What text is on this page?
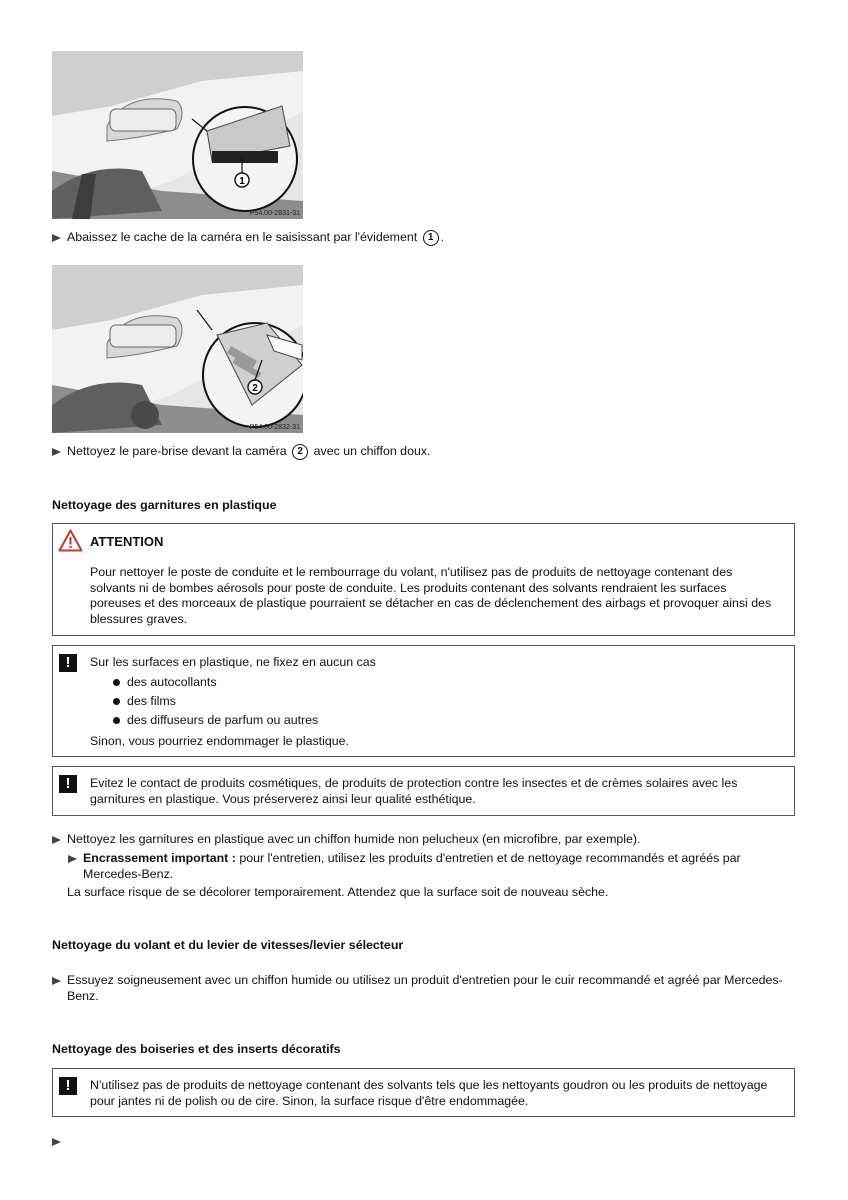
1
P54.00-2831-31
Abaissez le cache de la caméra en le saisissant par l'évidement 1 .
2
P54.00-2832-31
Nettoyez le pare-brise devant la caméra 2 avec un chiffon doux.
Nettoyage des garnitures en plastique
ATTENTION
Pour nettoyer le poste de conduite et le rembourrage du volant, n'utilisez pas de produits de nettoyage contenant des solvants ni de bombes aérosols pour poste de conduite. Les produits contenant des solvants rendraient les surfaces poreuses et des morceaux de plastique pourraient se détacher en cas de déclenchement des airbags et provoquer ainsi des blessures graves.
!	Sur les surfaces en plastique, ne fixez en aucun cas
des autocollants
des films
des diffuseurs de parfum ou autres
Sinon, vous pourriez endommager le plastique.
!	Evitez le contact de produits cosmétiques, de produits de protection contre les insectes et de crèmes solaires avec les garnitures en plastique. Vous préserverez ainsi leur qualité esthétique.
Nettoyez les garnitures en plastique avec un chiffon humide non pelucheux (en microfibre, par exemple).
Encrassement important : pour l'entretien, utilisez les produits d'entretien et de nettoyage recommandés et agréés par Mercedes-Benz.
La surface risque de se décolorer temporairement. Attendez que la surface soit de nouveau sèche.
Nettoyage du volant et du levier de vitesses/levier sélecteur
Essuyez soigneusement avec un chiffon humide ou utilisez un produit d'entretien pour le cuir recommandé et agréé par Mercedes-Benz.
Nettoyage des boiseries et des inserts décoratifs
!	N'utilisez pas de produits de nettoyage contenant des solvants tels que les nettoyants goudron ou les produits de nettoyage pour jantes ni de polish ou de cire. Sinon, la surface risque d'être endommagée.
